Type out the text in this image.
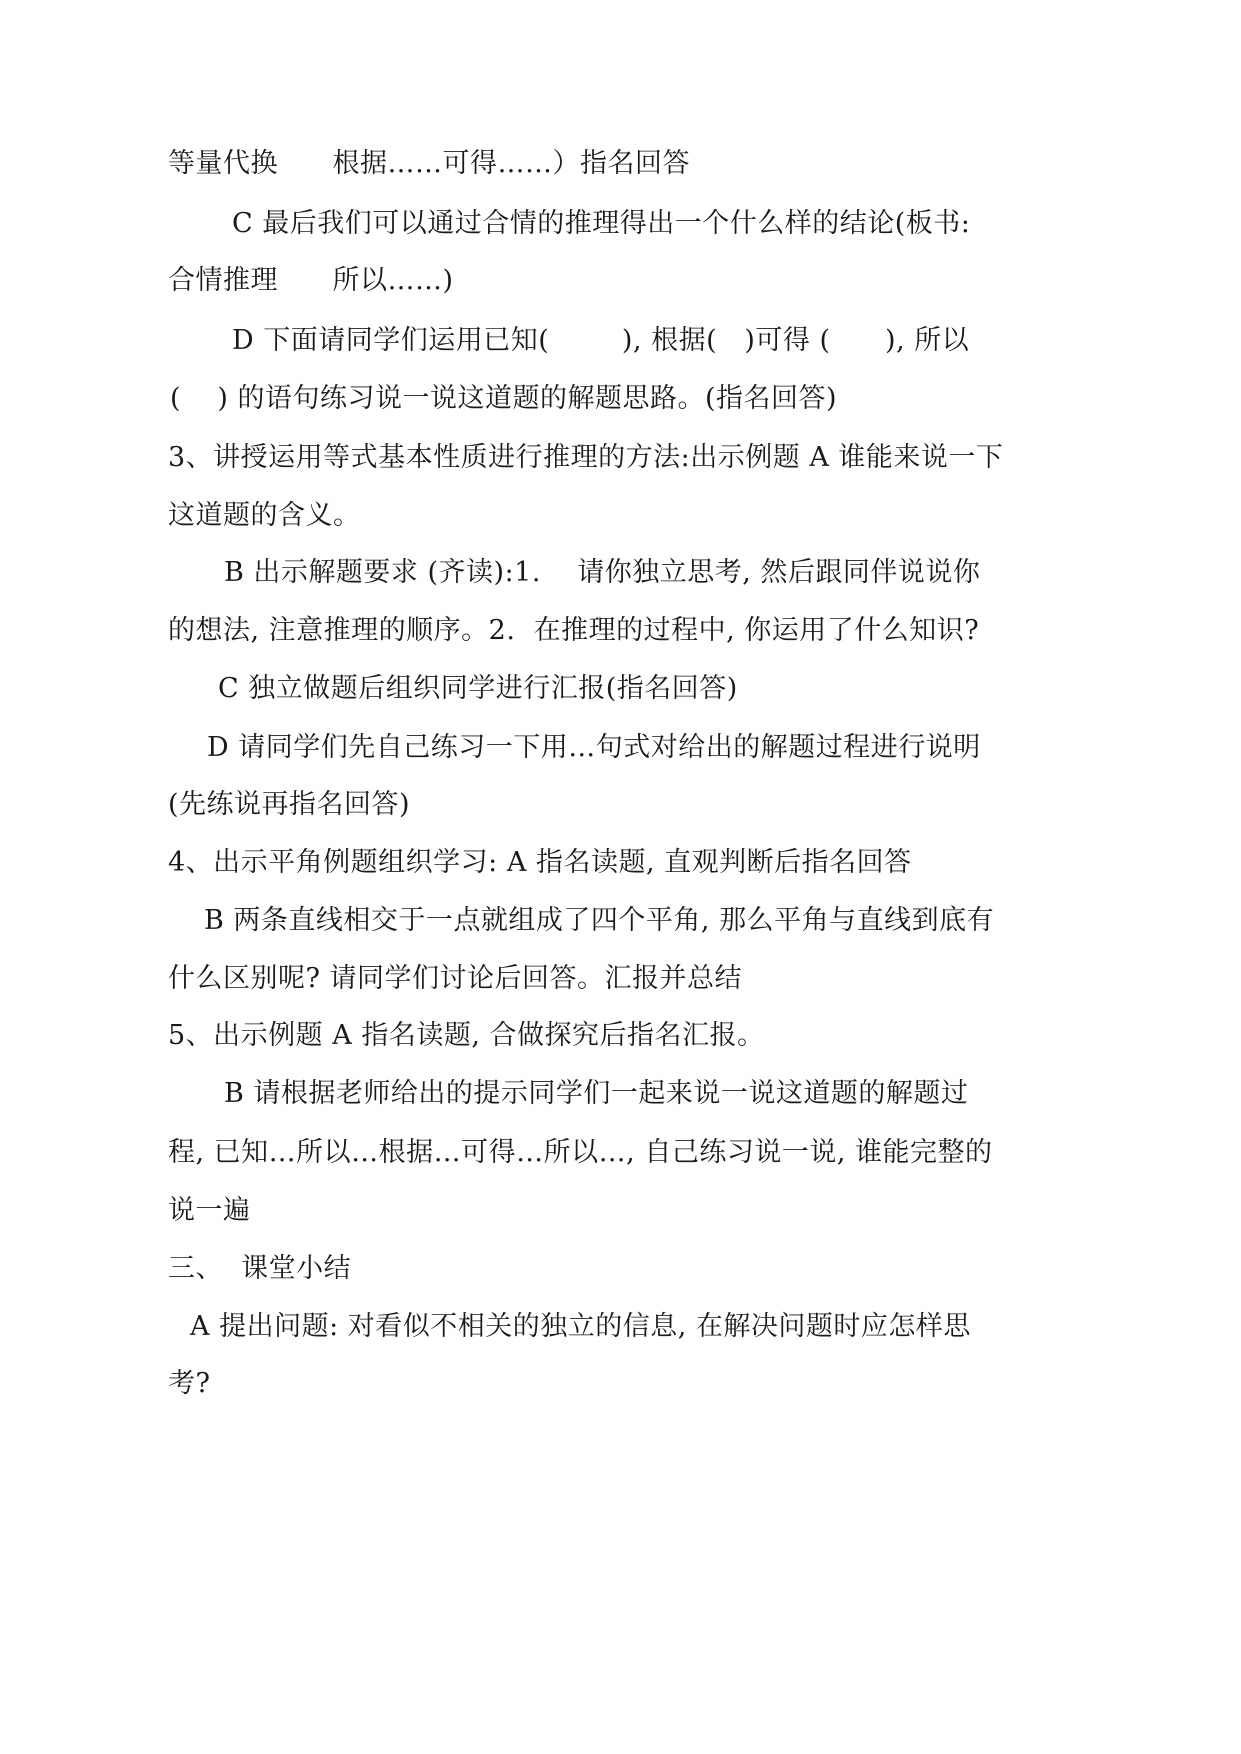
等量代换      根据……可得……）指名回答
C 最后我们可以通过合情的推理得出一个什么样的结论(板书:
合情推理      所以……)
D 下面请同学们运用已知(        ), 根据(   )可得 (      ), 所以
(    ) 的语句练习说一说这道题的解题思路。(指名回答)
3、讲授运用等式基本性质进行推理的方法:出示例题 A 谁能来说一下
这道题的含义。
B 出示解题要求 (齐读):1.    请你独立思考, 然后跟同伴说说你
的想法, 注意推理的顺序。2.  在推理的过程中, 你运用了什么知识?
C 独立做题后组织同学进行汇报(指名回答)
D 请同学们先自己练习一下用…句式对给出的解题过程进行说明
(先练说再指名回答)
4、出示平角例题组织学习: A 指名读题, 直观判断后指名回答
B 两条直线相交于一点就组成了四个平角, 那么平角与直线到底有
什么区别呢? 请同学们讨论后回答。汇报并总结
5、出示例题 A 指名读题, 合做探究后指名汇报。
B 请根据老师给出的提示同学们一起来说一说这道题的解题过
程, 已知…所以…根据…可得…所以…, 自己练习说一说, 谁能完整的
说一遍
三、  课堂小结
A 提出问题: 对看似不相关的独立的信息, 在解决问题时应怎样思
考?
